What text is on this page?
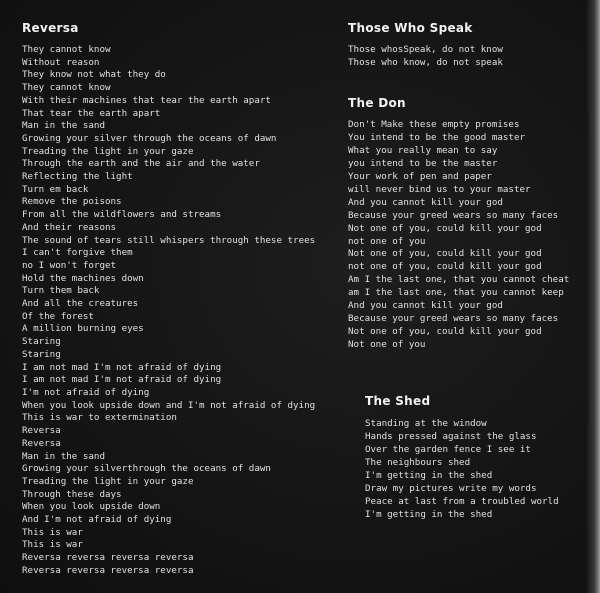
Reversa
They cannot know
Without reason
They know not what they do
They cannot know
With their machines that tear the earth apart
That tear the earth apart
Man in the sand
Growing your silver through the oceans of dawn
Treading the light in your gaze
Through the earth and the air and the water
Reflecting the light
Turn em back
Remove the poisons
From all the wildflowers and streams
And their reasons
The sound of tears still whispers through these trees
I can't forgive them
no I won't forget
Hold the machines down
Turn them back
And all the creatures
Of the forest
A million burning eyes
Staring
Staring
I am not mad I'm not afraid of dying
I am not mad I'm not afraid of dying
I'm not afraid of dying
When you look upside down and I'm not afraid of dying
This is war to extermination
Reversa
Reversa
Man in the sand
Growing your silverthrough the oceans of dawn
Treading the light in your gaze
Through these days
When you look upside down
And I'm not afraid of dying
This is war
This is war
Reversa reversa reversa reversa
Reversa reversa reversa reversa
Those Who Speak
Those whosSpeak, do not know
Those who know, do not speak
The Don
Don't Make these empty promises
You intend to be the good master
What you really mean to say
you intend to be the master
Your work of pen and paper
will never bind us to your master
And you cannot kill your god
Because your greed wears so many faces
Not one of you, could kill your god
not one of you
Not one of you, could kill your god
not one of you, could kill your god
Am I the last one, that you cannot cheat
am I the last one, that you cannot keep
And you cannot kill your god
Because your greed wears so many faces
Not one of you, could kill your god
Not one of you
The Shed
Standing at the window
Hands pressed against the glass
Over the garden fence I see it
The neighbours shed
I'm getting in the shed
Draw my pictures write my words
Peace at last from a troubled world
I'm getting in the shed
